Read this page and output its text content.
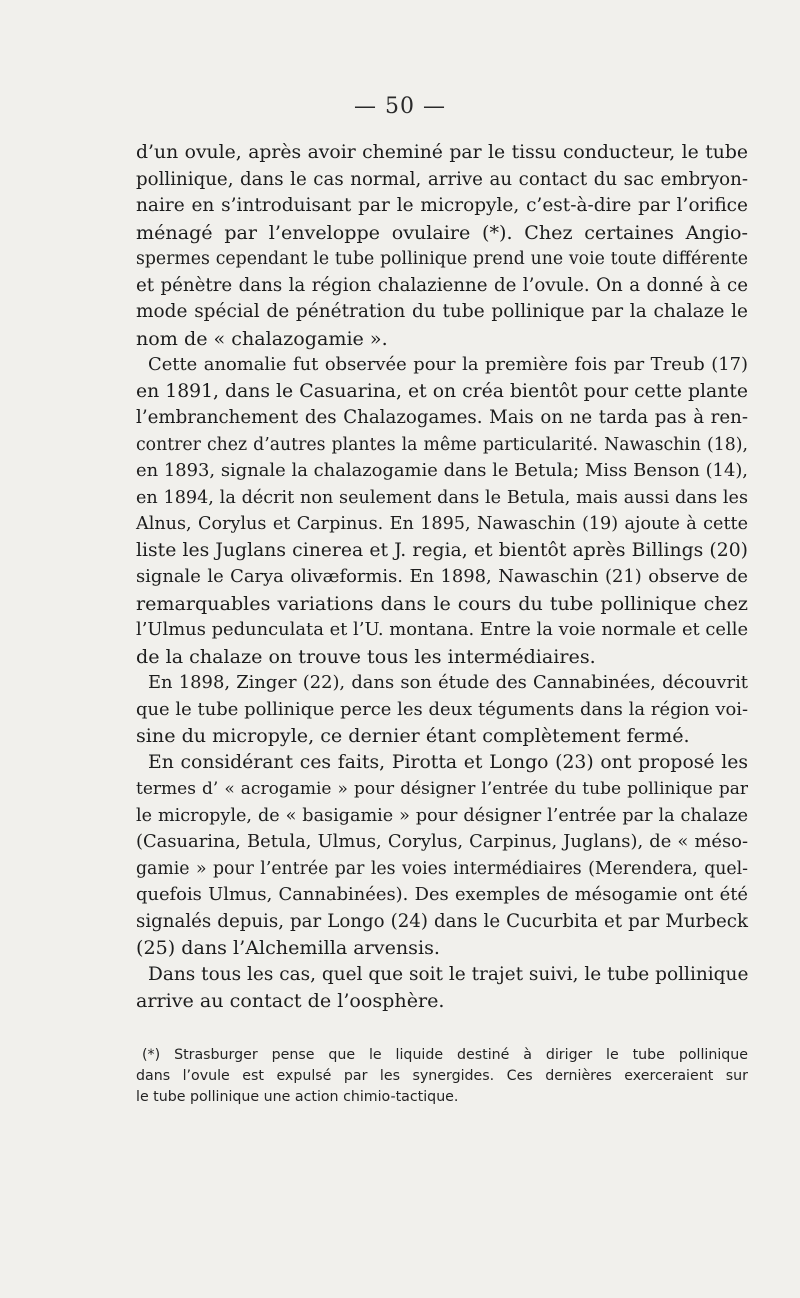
— 50 —
d’un ovule, après avoir cheminé par le tissu conducteur, le tube
pollinique, dans le cas normal, arrive au contact du sac embryon-
naire en s’introduisant par le micropyle, c’est-à-dire par l’orifice
ménagé par l’enveloppe ovulaire (*). Chez certaines Angio-
spermes cependant le tube pollinique prend une voie toute différente
et pénètre dans la région chalazienne de l’ovule. On a donné à ce
mode spécial de pénétration du tube pollinique par la chalaze le
nom de « chalazogamie ».
Cette anomalie fut observée pour la première fois par Treub (17)
en 1891, dans le Casuarina, et on créa bientôt pour cette plante
l’embranchement des Chalazogames. Mais on ne tarda pas à ren-
contrer chez d’autres plantes la même particularité. Nawaschin (18),
en 1893, signale la chalazogamie dans le Betula; Miss Benson (14),
en 1894, la décrit non seulement dans le Betula, mais aussi dans les
Alnus, Corylus et Carpinus. En 1895, Nawaschin (19) ajoute à cette
liste les Juglans cinerea et J. regia, et bientôt après Billings (20)
signale le Carya olivæformis. En 1898, Nawaschin (21) observe de
remarquables variations dans le cours du tube pollinique chez
l’Ulmus pedunculata et l’U. montana. Entre la voie normale et celle
de la chalaze on trouve tous les intermédiaires.
En 1898, Zinger (22), dans son étude des Cannabinées, découvrit
que le tube pollinique perce les deux téguments dans la région voi-
sine du micropyle, ce dernier étant complètement fermé.
En considérant ces faits, Pirotta et Longo (23) ont proposé les
termes d’ « acrogamie » pour désigner l’entrée du tube pollinique par
le micropyle, de « basigamie » pour désigner l’entrée par la chalaze
(Casuarina, Betula, Ulmus, Corylus, Carpinus, Juglans), de « méso-
gamie » pour l’entrée par les voies intermédiaires (Merendera, quel-
quefois Ulmus, Cannabinées). Des exemples de mésogamie ont été
signalés depuis, par Longo (24) dans le Cucurbita et par Murbeck
(25) dans l’Alchemilla arvensis.
Dans tous les cas, quel que soit le trajet suivi, le tube pollinique
arrive au contact de l’oosphère.
(*) Strasburger pense que le liquide destiné à diriger le tube pollinique
dans l’ovule est expulsé par les synergides. Ces dernières exerceraient sur
le tube pollinique une action chimio-tactique.
